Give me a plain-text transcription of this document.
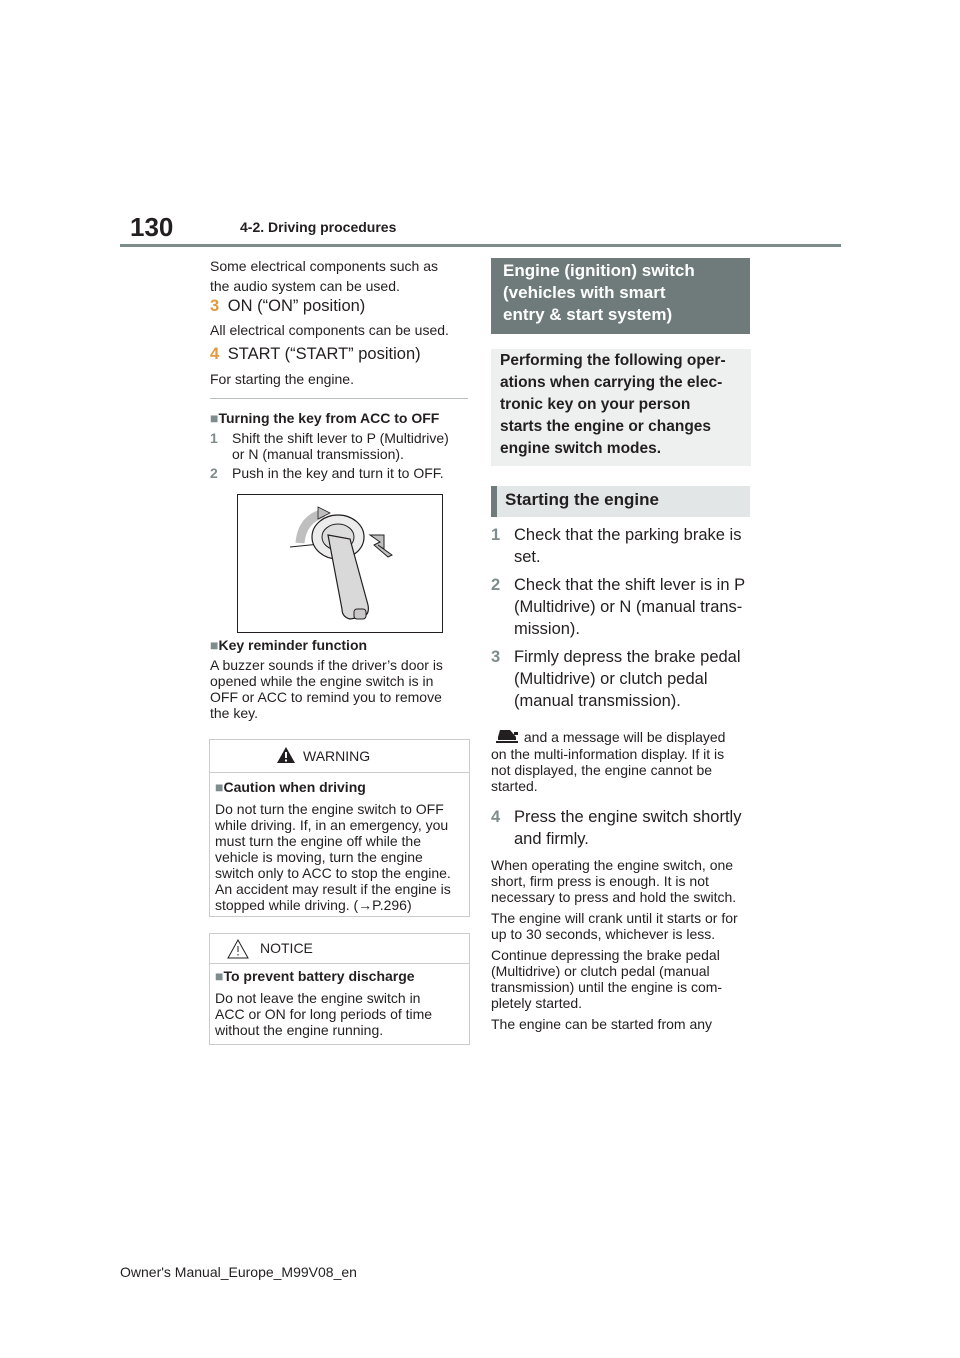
130	4-2. Driving procedures
Some electrical components such as
the audio system can be used.
3 ON (“ON” position)
All electrical components can be used.
4 START (“START” position)
For starting the engine.
■Turning the key from ACC to OFF
1 Shift the shift lever to P (Multidrive)
or N (manual transmission).
2 Push in the key and turn it to OFF.
■Key reminder function
A buzzer sounds if the driver’s door is
opened while the engine switch is in
OFF or ACC to remind you to remove
the key.
WARNING
■Caution when driving
Do not turn the engine switch to OFF
while driving. If, in an emergency, you
must turn the engine off while the
vehicle is moving, turn the engine
switch only to ACC to stop the engine.
An accident may result if the engine is
stopped while driving. (→P.296)
NOTICE
■To prevent battery discharge
Do not leave the engine switch in
ACC or ON for long periods of time
without the engine running.
Engine (ignition) switch
(vehicles with smart
entry & start system)
Performing the following oper-
ations when carrying the elec-
tronic key on your person
starts the engine or changes
engine switch modes.
Starting the engine
1 Check that the parking brake is
set.
2 Check that the shift lever is in P
(Multidrive) or N (manual trans-
mission).
3 Firmly depress the brake pedal
(Multidrive) or clutch pedal
(manual transmission).
and a message will be displayed
on the multi-information display. If it is
not displayed, the engine cannot be
started.
4 Press the engine switch shortly
and firmly.
When operating the engine switch, one
short, firm press is enough. It is not
necessary to press and hold the switch.
The engine will crank until it starts or for
up to 30 seconds, whichever is less.
Continue depressing the brake pedal
(Multidrive) or clutch pedal (manual
transmission) until the engine is com-
pletely started.
The engine can be started from any
Owner's Manual_Europe_M99V08_en
